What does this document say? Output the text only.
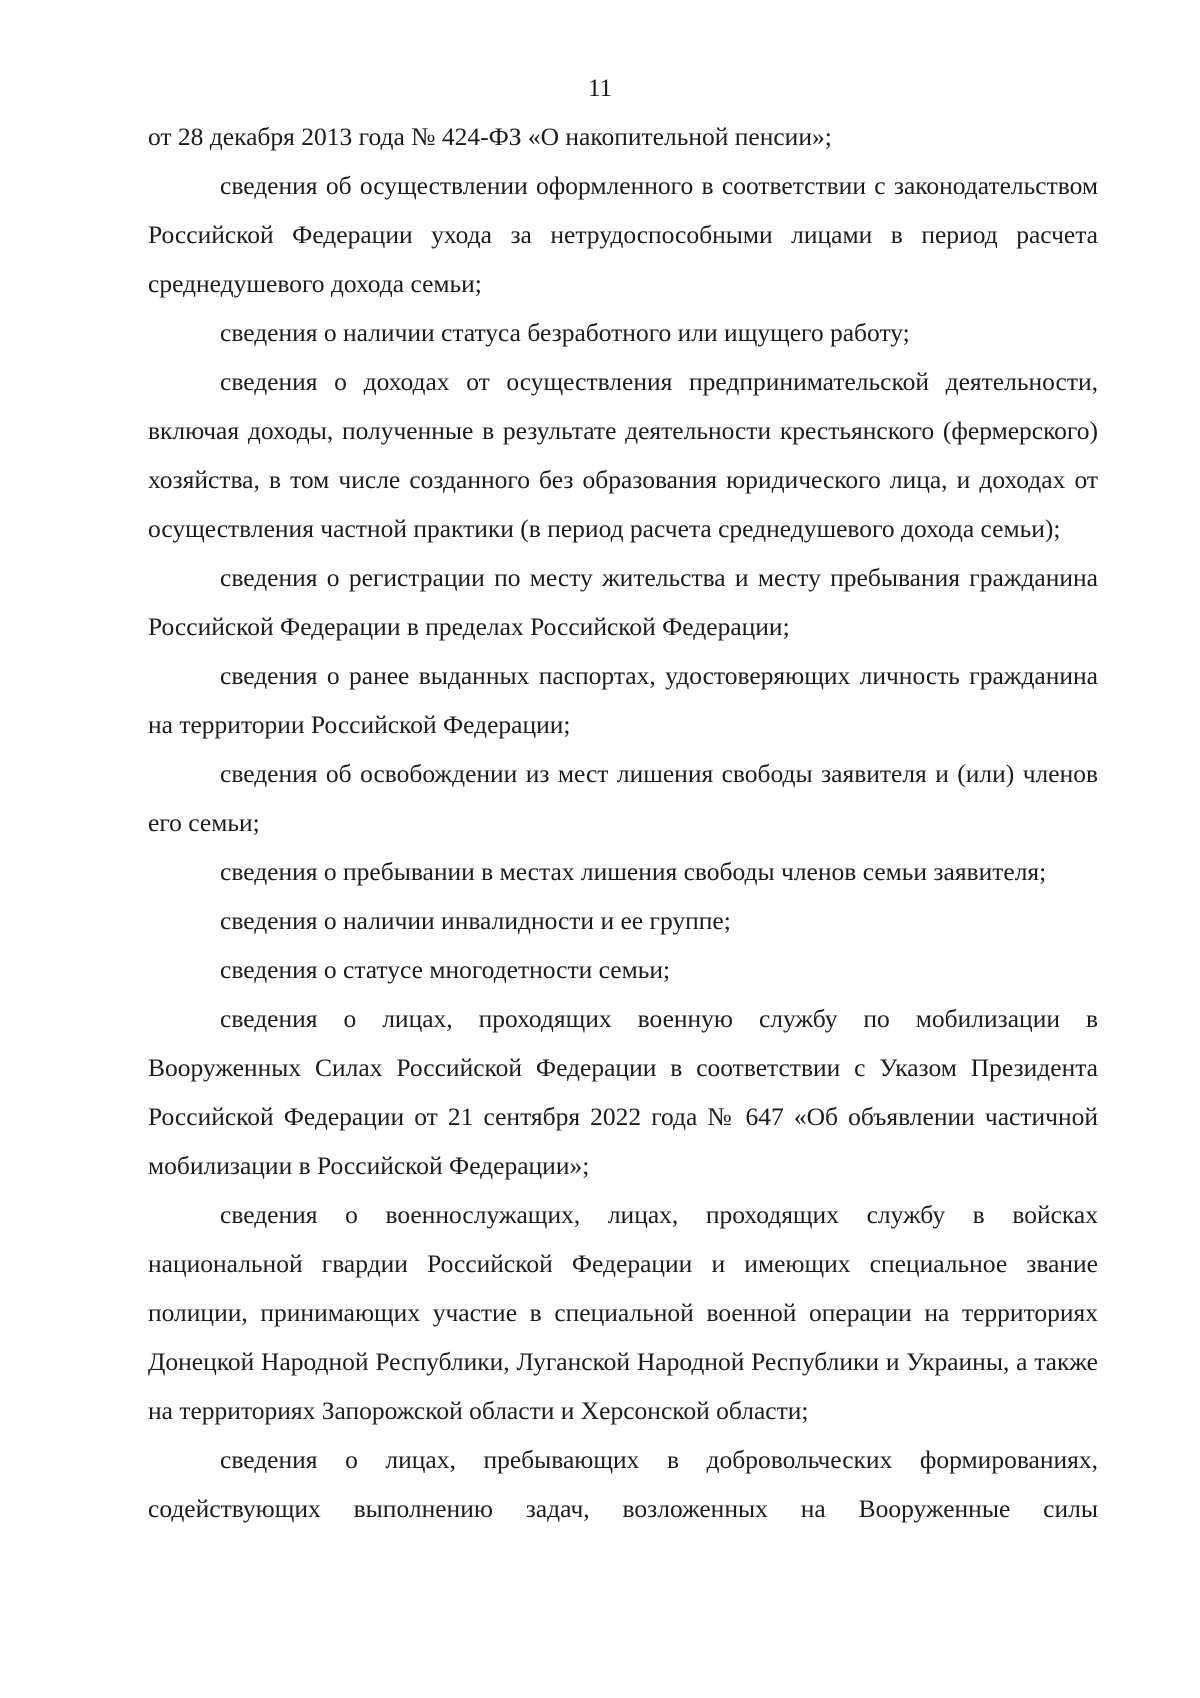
11

от 28 декабря 2013 года № 424-ФЗ «О накопительной пенсии»;

сведения об осуществлении оформленного в соответствии с законодательством Российской Федерации ухода за нетрудоспособными лицами в период расчета среднедушевого дохода семьи;

сведения о наличии статуса безработного или ищущего работу;

сведения о доходах от осуществления предпринимательской деятельности, включая доходы, полученные в результате деятельности крестьянского (фермерского) хозяйства, в том числе созданного без образования юридического лица, и доходах от осуществления частной практики (в период расчета среднедушевого дохода семьи);

сведения о регистрации по месту жительства и месту пребывания гражданина Российской Федерации в пределах Российской Федерации;

сведения о ранее выданных паспортах, удостоверяющих личность гражданина на территории Российской Федерации;

сведения об освобождении из мест лишения свободы заявителя и (или) членов его семьи;

сведения о пребывании в местах лишения свободы членов семьи заявителя;

сведения о наличии инвалидности и ее группе;

сведения о статусе многодетности семьи;

сведения о лицах, проходящих военную службу по мобилизации в Вооруженных Силах Российской Федерации в соответствии с Указом Президента Российской Федерации от 21 сентября 2022 года № 647 «Об объявлении частичной мобилизации в Российской Федерации»;

сведения о военнослужащих, лицах, проходящих службу в войсках национальной гвардии Российской Федерации и имеющих специальное звание полиции, принимающих участие в специальной военной операции на территориях Донецкой Народной Республики, Луганской Народной Республики и Украины, а также на территориях Запорожской области и Херсонской области;

сведения о лицах, пребывающих в добровольческих формированиях, содействующих выполнению задач, возложенных на Вооруженные силы
